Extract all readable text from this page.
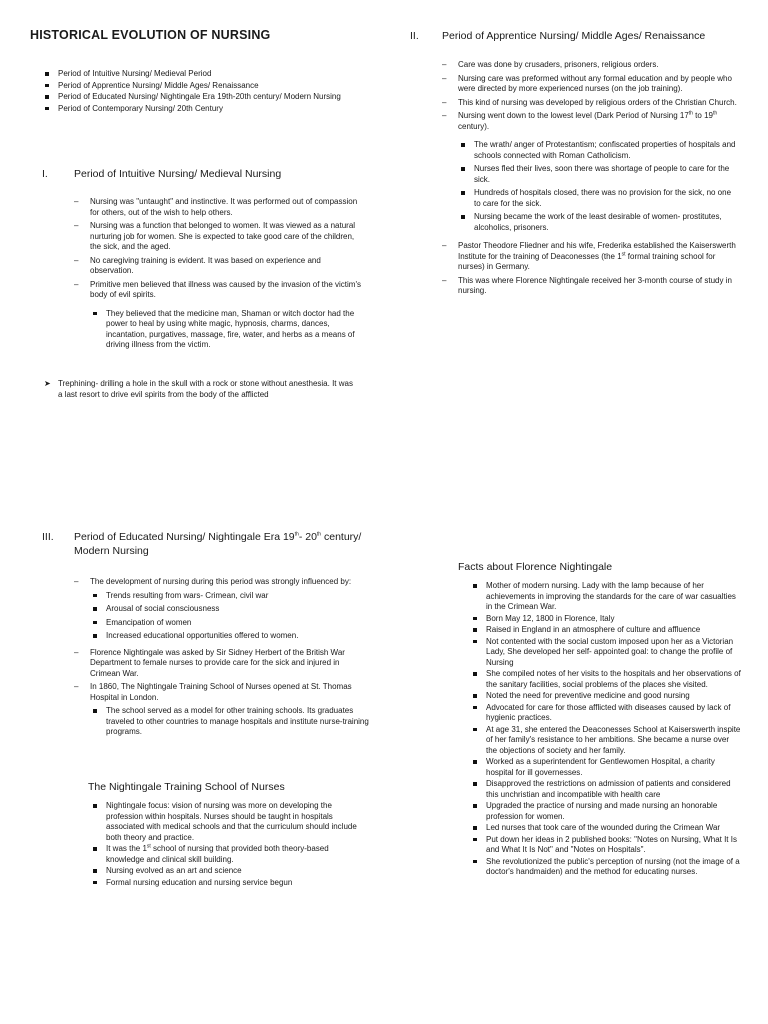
HISTORICAL EVOLUTION OF NURSING
Period of Intuitive Nursing/ Medieval Period
Period of Apprentice Nursing/ Middle Ages/ Renaissance
Period of Educated Nursing/ Nightingale Era 19th-20th century/ Modern Nursing
Period of Contemporary Nursing/ 20th Century
I.	Period of Intuitive Nursing/ Medieval Nursing
– Nursing was "untaught" and instinctive. It was performed out of compassion for others, out of the wish to help others.
– Nursing was a function that belonged to women. It was viewed as a natural nurturing job for women. She is expected to take good care of the children, the sick, and the aged.
– No caregiving training is evident. It was based on experience and observation.
– Primitive men believed that illness was caused by the invasion of the victim's body of evil spirits.
They believed that the medicine man, Shaman or witch doctor had the power to heal by using white magic, hypnosis, charms, dances, incantation, purgatives, massage, fire, water, and herbs as a means of driving illness from the victim.
➤ Trephining- drilling a hole in the skull with a rock or stone without anesthesia. It was a last resort to drive evil spirits from the body of the afflicted
II.	Period of Apprentice Nursing/ Middle Ages/ Renaissance
– Care was done by crusaders, prisoners, religious orders.
– Nursing care was preformed without any formal education and by people who were directed by more experienced nurses (on the job training).
– This kind of nursing was developed by religious orders of the Christian Church.
– Nursing went down to the lowest level (Dark Period of Nursing 17th to 19th century).
The wrath/ anger of Protestantism; confiscated properties of hospitals and schools connected with Roman Catholicism.
Nurses fled their lives, soon there was shortage of people to care for the sick.
Hundreds of hospitals closed, there was no provision for the sick, no one to care for the sick.
Nursing became the work of the least desirable of women- prostitutes, alcoholics, prisoners.
– Pastor Theodore Fliedner and his wife, Frederika established the Kaiserswerth Institute for the training of Deaconesses (the 1st formal training school for nurses) in Germany.
– This was where Florence Nightingale received her 3-month course of study in nursing.
III.	Period of Educated Nursing/ Nightingale Era 19th- 20th century/ Modern Nursing
– The development of nursing during this period was strongly influenced by:
Trends resulting from wars- Crimean, civil war
Arousal of social consciousness
Emancipation of women
Increased educational opportunities offered to women.
– Florence Nightingale was asked by Sir Sidney Herbert of the British War Department to female nurses to provide care for the sick and injured in Crimean War.
– In 1860, The Nightingale Training School of Nurses opened at St. Thomas Hospital in London.
The school served as a model for other training schools. Its graduates traveled to other countries to manage hospitals and institute nurse-training programs.
The Nightingale Training School of Nurses
Nightingale focus: vision of nursing was more on developing the profession within hospitals. Nurses should be taught in hospitals associated with medical schools and that the curriculum should include both theory and practice.
It was the 1st school of nursing that provided both theory-based knowledge and clinical skill building.
Nursing evolved as an art and science
Formal nursing education and nursing service begun
Facts about Florence Nightingale
Mother of modern nursing. Lady with the lamp because of her achievements in improving the standards for the care of war casualties in the Crimean War.
Born May 12, 1800 in Florence, Italy
Raised in England in an atmosphere of culture and affluence
Not contented with the social custom imposed upon her as a Victorian Lady, She developed her self- appointed goal: to change the profile of Nursing
She compiled notes of her visits to the hospitals and her observations of the sanitary facilities, social problems of the places she visited.
Noted the need for preventive medicine and good nursing
Advocated for care for those afflicted with diseases caused by lack of hygienic practices.
At age 31, she entered the Deaconesses School at Kaiserswerth inspite of her family's resistance to her ambitions. She became a nurse over the objections of society and her family.
Worked as a superintendent for Gentlewomen Hospital, a charity hospital for ill governesses.
Disapproved the restrictions on admission of patients and considered this unchristian and incompatible with health care
Upgraded the practice of nursing and made nursing an honorable profession for women.
Led nurses that took care of the wounded during the Crimean War
Put down her ideas in 2 published books: "Notes on Nursing, What It Is and What It Is Not" and "Notes on Hospitals".
She revolutionized the public's perception of nursing (not the image of a doctor's handmaiden) and the method for educating nurses.
